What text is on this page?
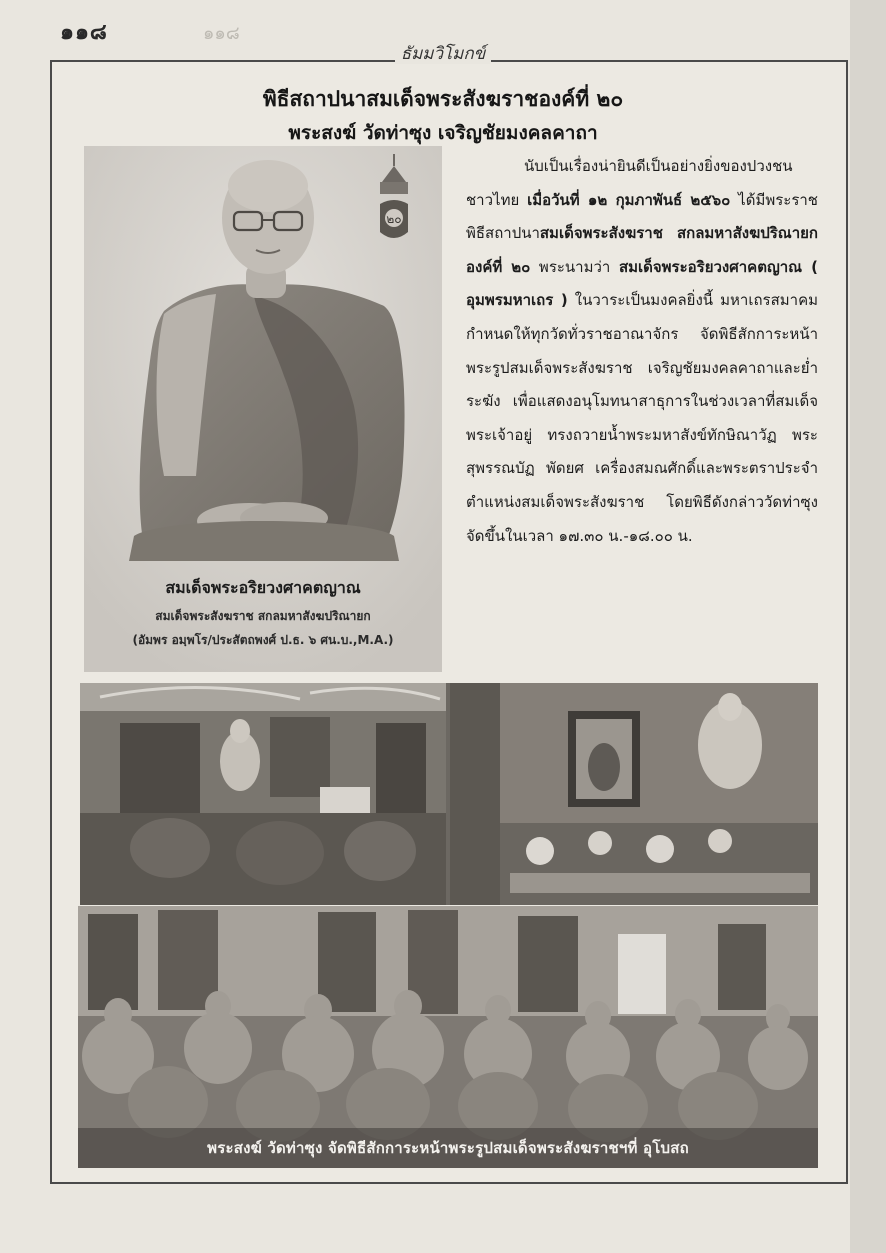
๑๑๘	๑๑๘
ธัมมวิโมกข์
พิธีสถาปนาสมเด็จพระสังฆราชองค์ที่ ๒๐
พระสงฆ์ วัดท่าซุง เจริญชัยมงคลคาถา
๒๐
สมเด็จพระอริยวงศาคตญาณ
สมเด็จพระสังฆราช สกลมหาสังฆปริณายก
(อัมพร อมฺพโร/ประสัตถพงศ์ ป.ธ. ๖ ศน.บ.,M.A.)

นับเป็นเรื่องน่ายินดีเป็นอย่างยิ่งของปวงชนชาวไทย เมื่อวันที่ ๑๒ กุมภาพันธ์ ๒๕๖๐ ได้มีพระราชพิธีสถาปนาสมเด็จพระสังฆราช สกลมหาสังฆปริณายก องค์ที่ ๒๐ พระนามว่า สมเด็จพระอริยวงศาคตญาณ ( อุมพรมหาเถร ) ในวาระเป็นมงคลยิ่งนี้ มหาเถรสมาคมกำหนดให้ทุกวัดทั่วราชอาณาจักร จัดพิธีสักการะหน้าพระรูปสมเด็จพระสังฆราช เจริญชัยมงคลคาถาและย่ำระฆัง เพื่อแสดงอนุโมทนาสาธุการในช่วงเวลาที่สมเด็จพระเจ้าอยู่ ทรงถวายน้ำพระมหาสังข์ทักษิณาวัฏ พระสุพรรณบัฏ พัดยศ เครื่องสมณศักดิ์และพระตราประจำตำแหน่งสมเด็จพระสังฆราช โดยพิธีดังกล่าววัดท่าซุง จัดขึ้นในเวลา ๑๗.๓๐ น.-๑๘.๐๐ น.

พระสงฆ์ วัดท่าซุง จัดพิธีสักการะหน้าพระรูปสมเด็จพระสังฆราชฯที่ อุโบสถ
